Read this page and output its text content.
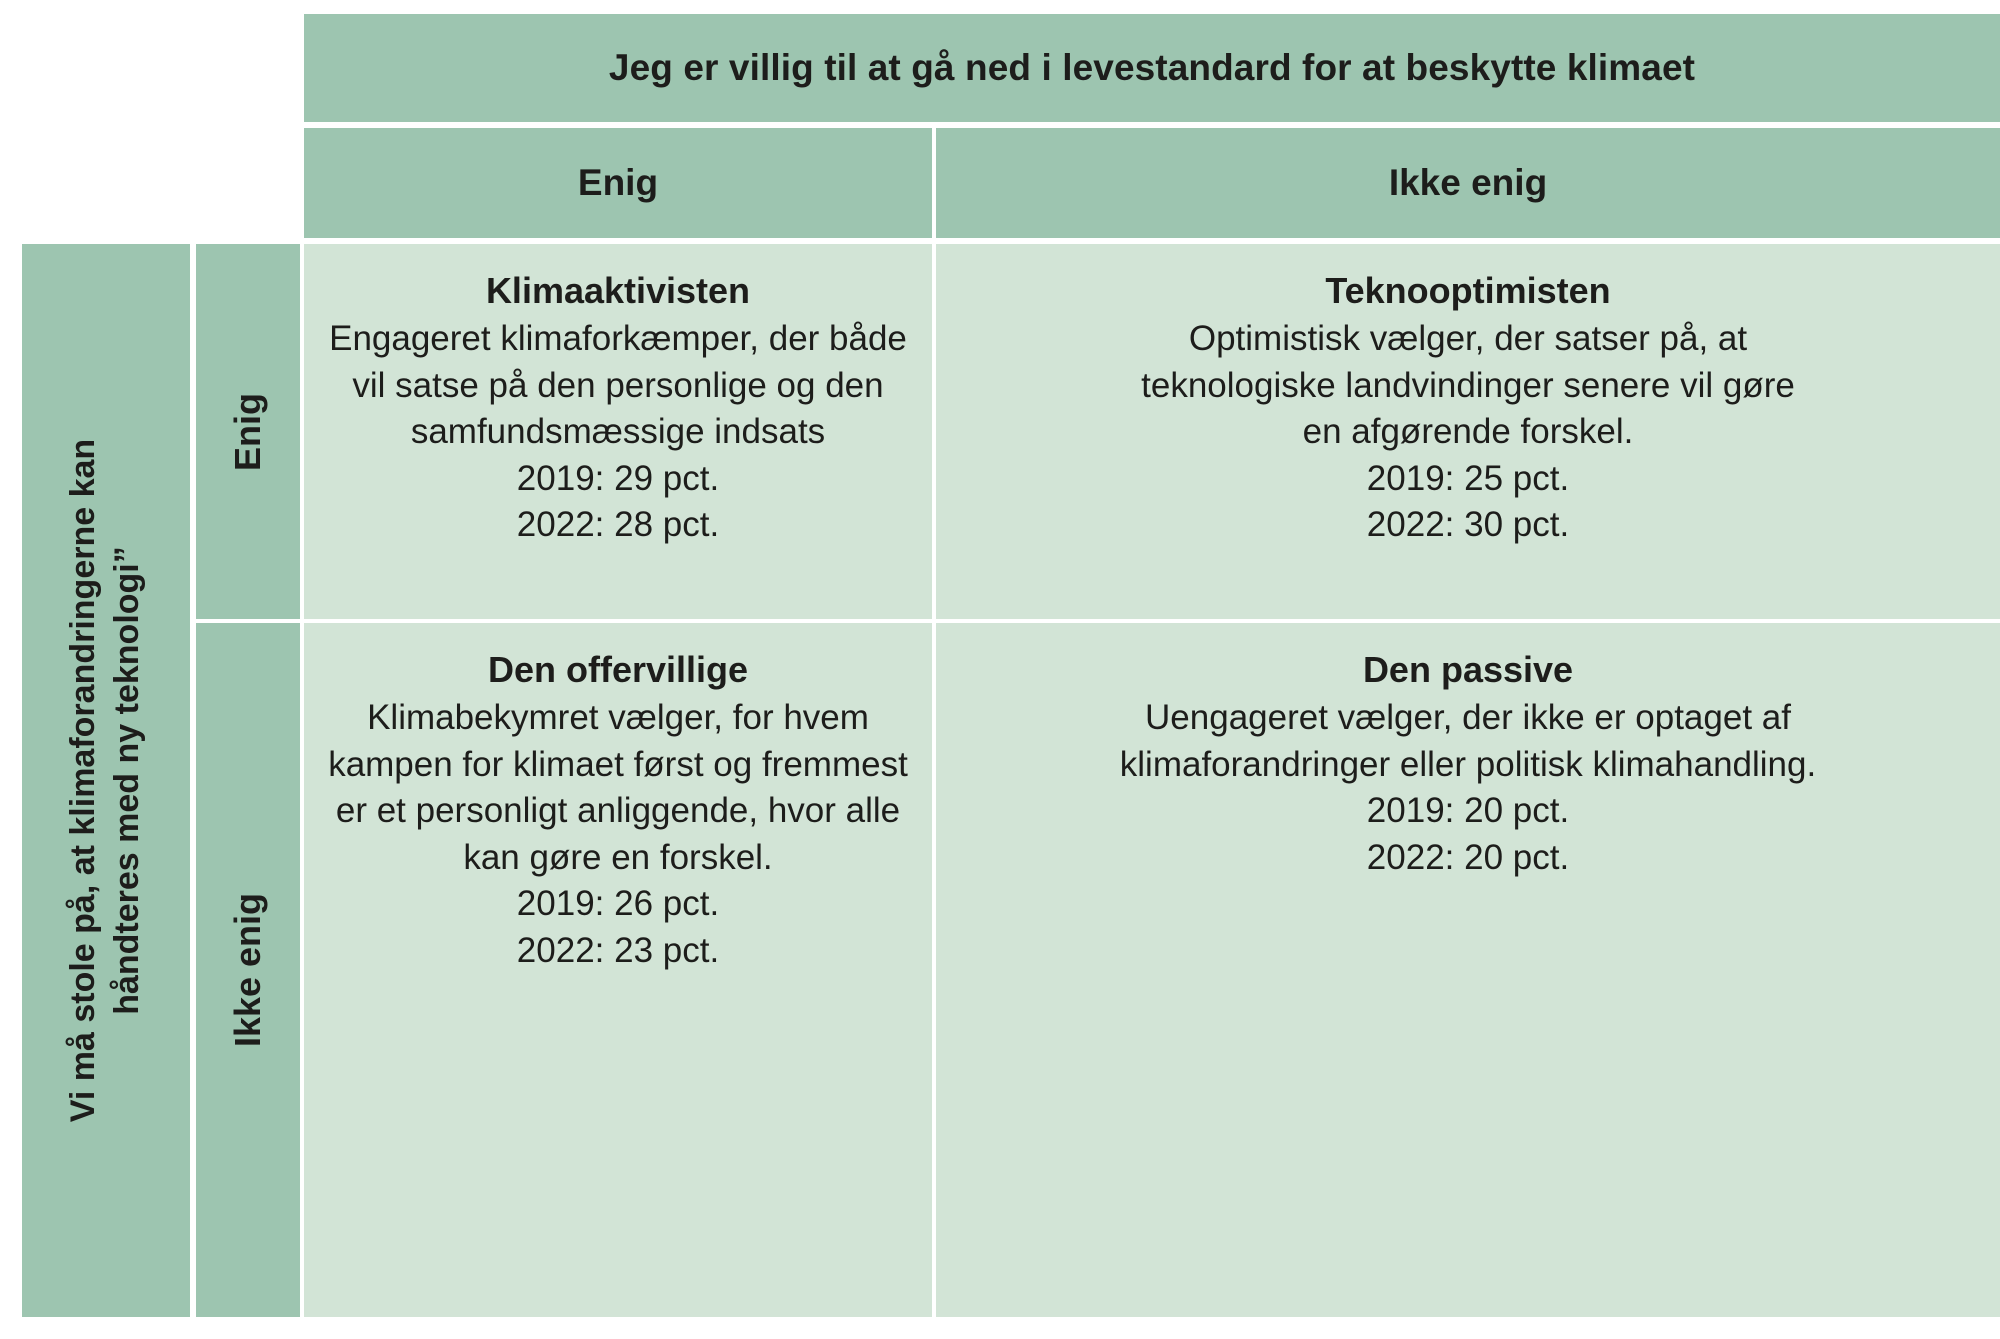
Jeg er villig til at gå ned i levestandard for at beskytte klimaet
Enig	Ikke enig
Vi må stole på, at klimaforandringerne kan håndteres med ny teknologi”
Enig
Ikke enig
Klimaaktivisten
Engageret klimaforkæmper, der både vil satse på den personlige og den samfundsmæssige indsats
2019: 29 pct.
2022: 28 pct.
Teknooptimisten
Optimistisk vælger, der satser på, at teknologiske landvindinger senere vil gøre en afgørende forskel.
2019: 25 pct.
2022: 30 pct.
Den offervillige
Klimabekymret vælger, for hvem kampen for klimaet først og fremmest er et personligt anliggende, hvor alle kan gøre en forskel.
2019: 26 pct.
2022: 23 pct.
Den passive
Uengageret vælger, der ikke er optaget af klimaforandringer eller politisk klimahandling.
2019: 20 pct.
2022: 20 pct.
